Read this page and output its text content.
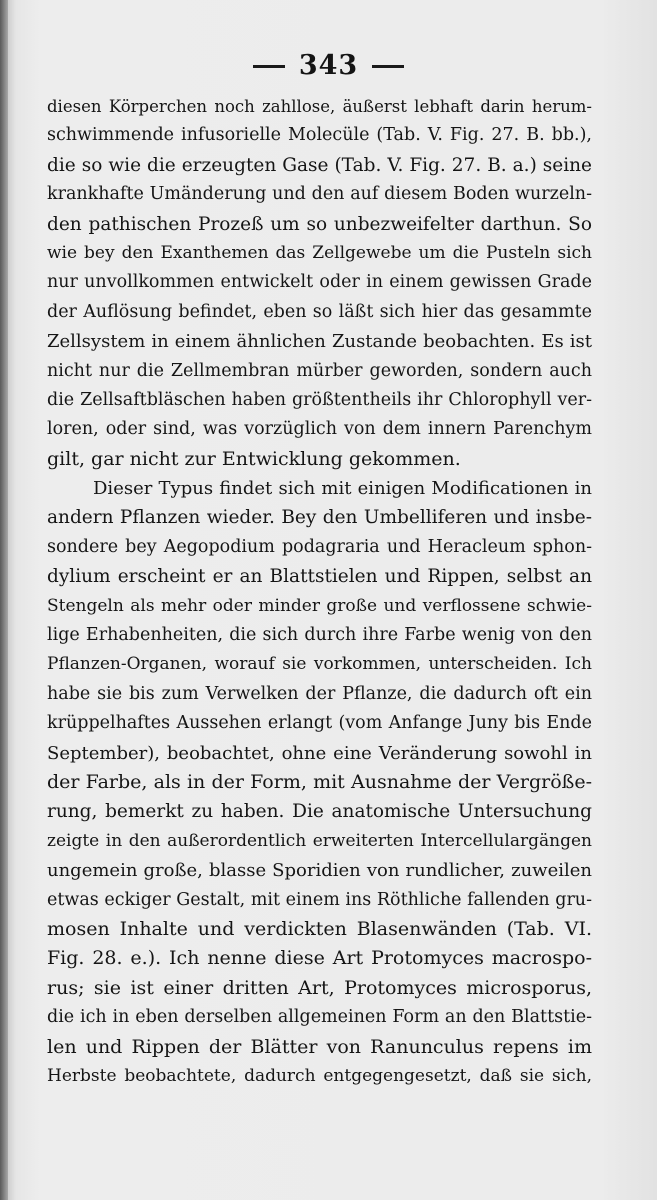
343
diesen Körperchen noch zahllose, äußerst lebhaft darin herum-
schwimmende infusorielle Molecüle (Tab. V. Fig. 27. B. bb.),
die so wie die erzeugten Gase (Tab. V. Fig. 27. B. a.) seine
krankhafte Umänderung und den auf diesem Boden wurzeln-
den pathischen Prozeß um so unbezweifelter darthun. So
wie bey den Exanthemen das Zellgewebe um die Pusteln sich
nur unvollkommen entwickelt oder in einem gewissen Grade
der Auflösung befindet, eben so läßt sich hier das gesammte
Zellsystem in einem ähnlichen Zustande beobachten. Es ist
nicht nur die Zellmembran mürber geworden, sondern auch
die Zellsaftbläschen haben größtentheils ihr Chlorophyll ver-
loren, oder sind, was vorzüglich von dem innern Parenchym
gilt, gar nicht zur Entwicklung gekommen.
Dieser Typus findet sich mit einigen Modificationen in
andern Pflanzen wieder. Bey den Umbelliferen und insbe-
sondere bey Aegopodium podagraria und Heracleum sphon-
dylium erscheint er an Blattstielen und Rippen, selbst an
Stengeln als mehr oder minder große und verflossene schwie-
lige Erhabenheiten, die sich durch ihre Farbe wenig von den
Pflanzen-Organen, worauf sie vorkommen, unterscheiden. Ich
habe sie bis zum Verwelken der Pflanze, die dadurch oft ein
krüppelhaftes Aussehen erlangt (vom Anfange Juny bis Ende
September), beobachtet, ohne eine Veränderung sowohl in
der Farbe, als in der Form, mit Ausnahme der Vergröße-
rung, bemerkt zu haben. Die anatomische Untersuchung
zeigte in den außerordentlich erweiterten Intercellulargängen
ungemein große, blasse Sporidien von rundlicher, zuweilen
etwas eckiger Gestalt, mit einem ins Röthliche fallenden gru-
mosen Inhalte und verdickten Blasenwänden (Tab. VI.
Fig. 28. e.). Ich nenne diese Art Protomyces macrospo-
rus; sie ist einer dritten Art, Protomyces microsporus,
die ich in eben derselben allgemeinen Form an den Blattstie-
len und Rippen der Blätter von Ranunculus repens im
Herbste beobachtete, dadurch entgegengesetzt, daß sie sich,
